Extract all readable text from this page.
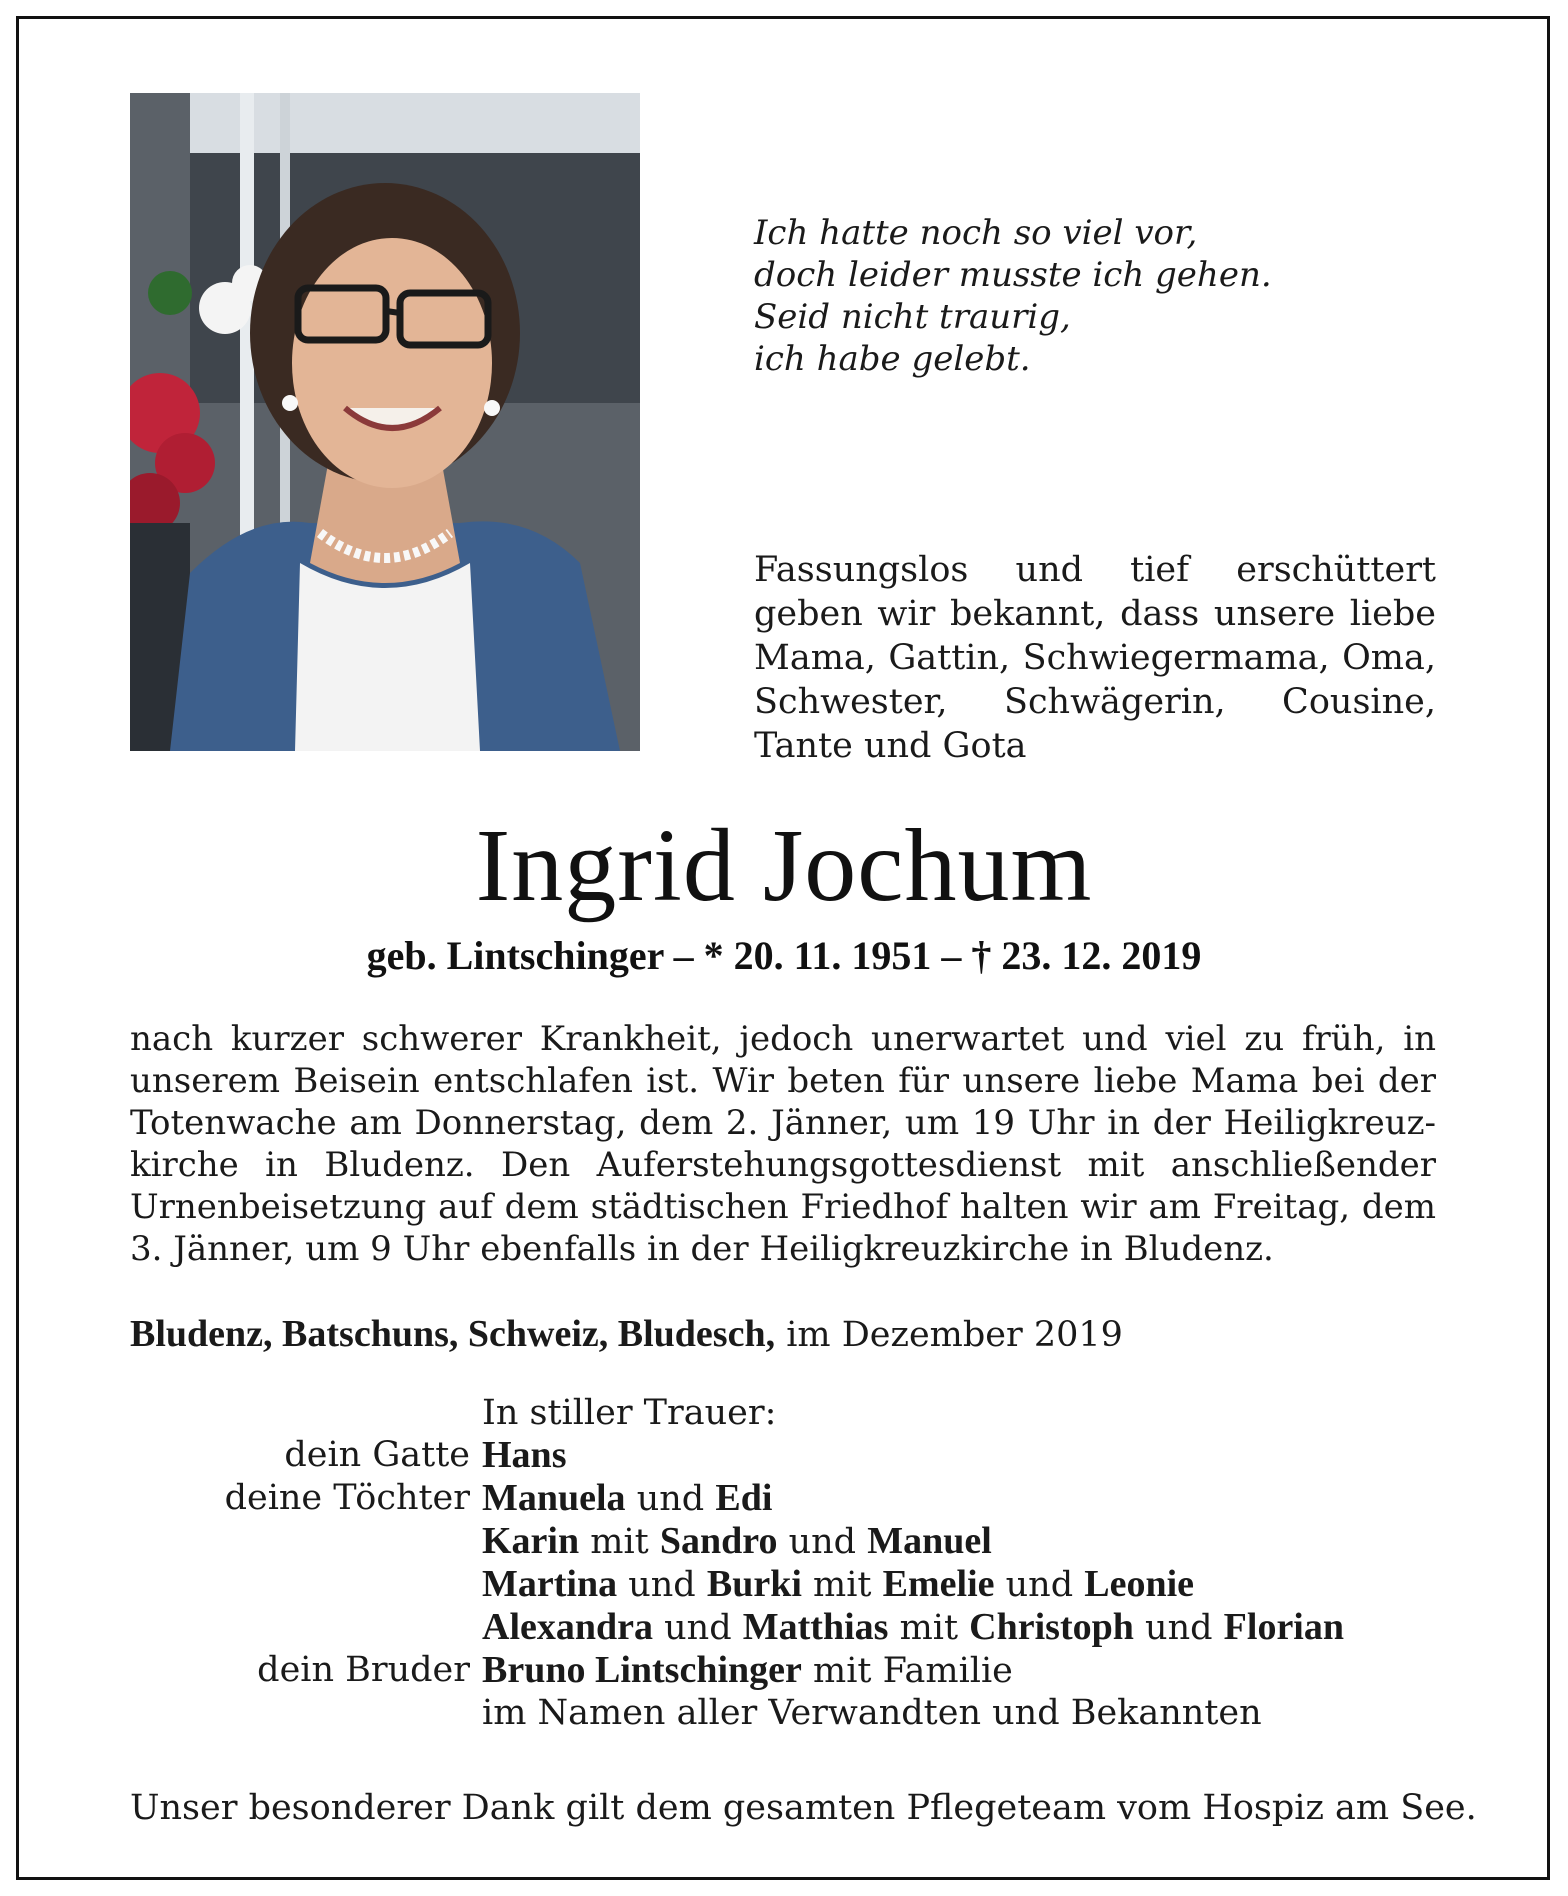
Ich hatte noch so viel vor,
doch leider musste ich gehen.
Seid nicht traurig,
ich habe gelebt.
Fassungslos und tief erschüttert geben wir bekannt, dass unsere liebe Mama, Gattin, Schwiegermama, Oma, Schwester, Schwägerin, Cousine, Tante und Gota
Ingrid Jochum
geb. Lintschinger – * 20. 11. 1951 – † 23. 12. 2019
nach kurzer schwerer Krankheit, jedoch unerwartet und viel zu früh, in unserem Beisein entschlafen ist. Wir beten für unsere liebe Mama bei der Totenwache am Donnerstag, dem 2. Jänner, um 19 Uhr in der Heiligkreuzkirche in Bludenz. Den Auferstehungsgottesdienst mit anschließender Urnenbeisetzung auf dem städtischen Friedhof halten wir am Freitag, dem 3. Jänner, um 9 Uhr ebenfalls in der Heiligkreuzkirche in Bludenz.
Bludenz, Batschuns, Schweiz, Bludesch, im Dezember 2019
In stiller Trauer:
dein Gatte Hans
deine Töchter Manuela und Edi
Karin mit Sandro und Manuel
Martina und Burki mit Emelie und Leonie
Alexandra und Matthias mit Christoph und Florian
dein Bruder Bruno Lintschinger mit Familie
im Namen aller Verwandten und Bekannten
Unser besonderer Dank gilt dem gesamten Pflegeteam vom Hospiz am See.
